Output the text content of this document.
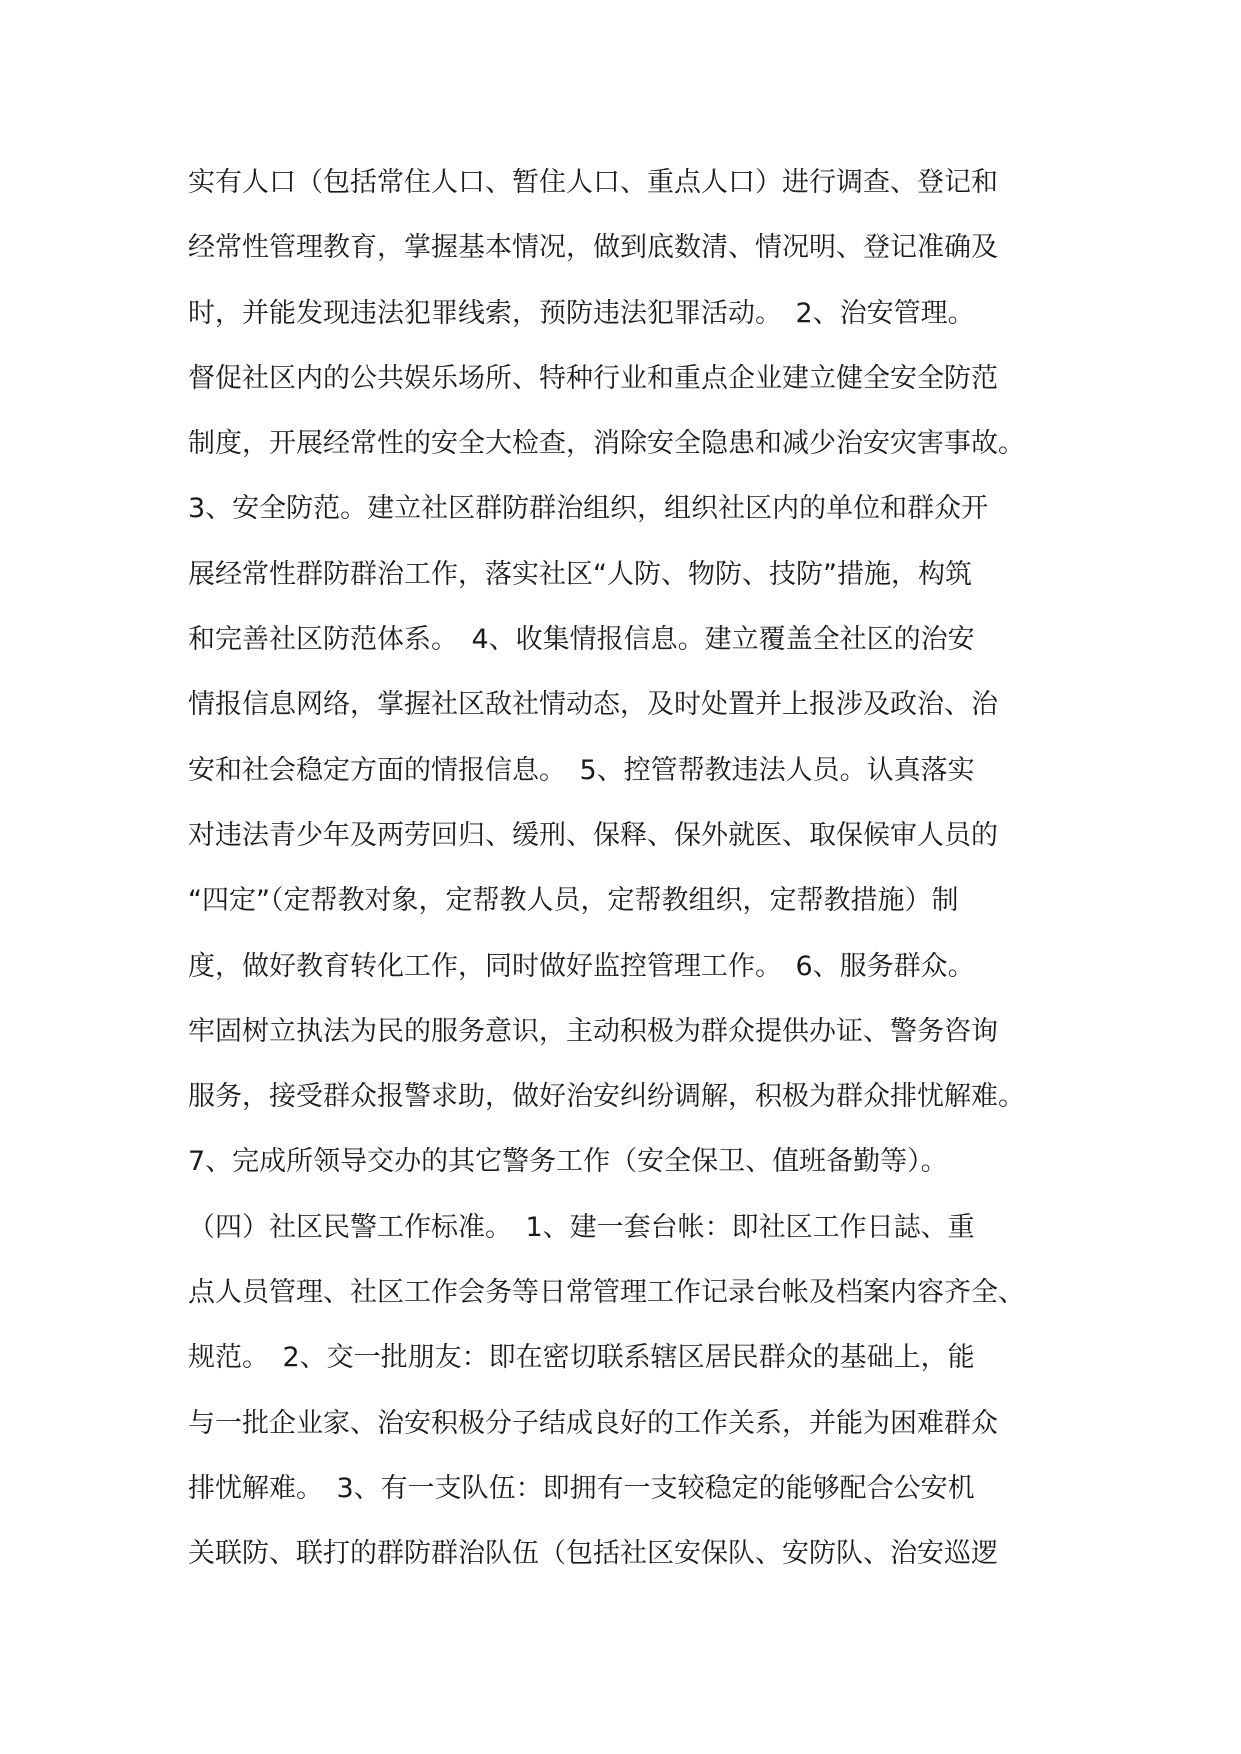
实有人口（包括常住人口、暂住人口、重点人口）进行调查、登记和
经常性管理教育，掌握基本情况，做到底数清、情况明、登记准确及
时，并能发现违法犯罪线索，预防违法犯罪活动。　2、治安管理。
督促社区内的公共娱乐场所、特种行业和重点企业建立健全安全防范
制度，开展经常性的安全大检查，消除安全隐患和减少治安灾害事故。
3、安全防范。建立社区群防群治组织，组织社区内的单位和群众开
展经常性群防群治工作，落实社区“人防、物防、技防”措施，构筑
和完善社区防范体系。　4、收集情报信息。建立覆盖全社区的治安
情报信息网络，掌握社区敌社情动态，及时处置并上报涉及政治、治
安和社会稳定方面的情报信息。　5、控管帮教违法人员。认真落实
对违法青少年及两劳回归、缓刑、保释、保外就医、取保候审人员的
“四定”（定帮教对象，定帮教人员，定帮教组织，定帮教措施）制
度，做好教育转化工作，同时做好监控管理工作。　6、服务群众。
牢固树立执法为民的服务意识，主动积极为群众提供办证、警务咨询
服务，接受群众报警求助，做好治安纠纷调解，积极为群众排忧解难。
7、完成所领导交办的其它警务工作（安全保卫、值班备勤等）。
（四）社区民警工作标准。　1、建一套台帐：即社区工作日誌、重
点人员管理、社区工作会务等日常管理工作记录台帐及档案内容齐全、
规范。　2、交一批朋友：即在密切联系辖区居民群众的基础上，能
与一批企业家、治安积极分子结成良好的工作关系，并能为困难群众
排忧解难。　3、有一支队伍：即拥有一支较稳定的能够配合公安机
关联防、联打的群防群治队伍（包括社区安保队、安防队、治安巡逻
